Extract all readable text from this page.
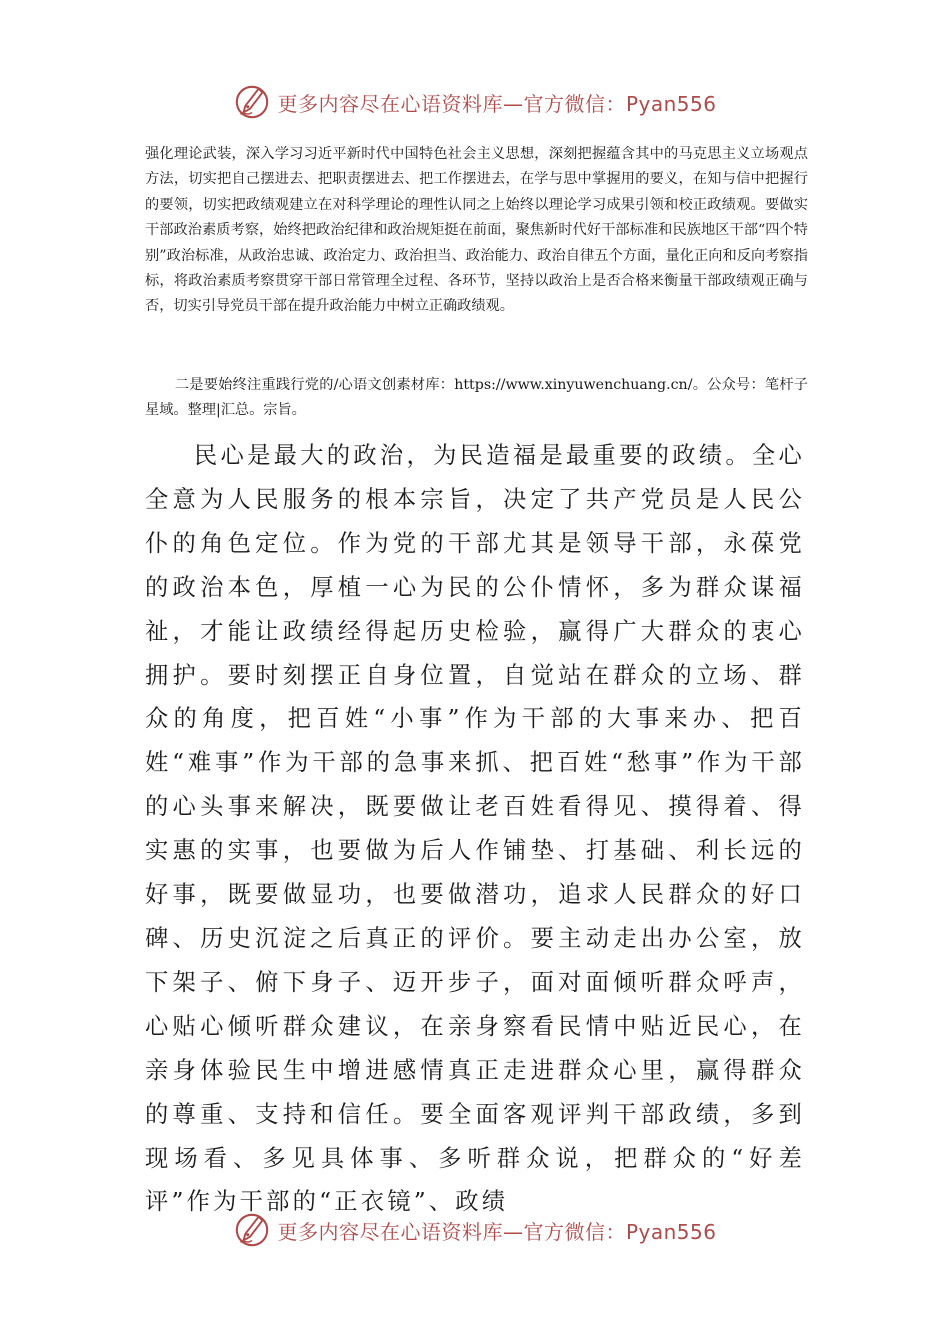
更多内容尽在心语资料库—官方微信：Pyan556

强化理论武装，深入学习习近平新时代中国特色社会主义思想，深刻把握蕴含其中的马克思主义立场观点方法，切实把自己摆进去、把职责摆进去、把工作摆进去，在学与思中掌握用的要义，在知与信中把握行的要领，切实把政绩观建立在对科学理论的理性认同之上始终以理论学习成果引领和校正政绩观。要做实干部政治素质考察，始终把政治纪律和政治规矩挺在前面，聚焦新时代好干部标准和民族地区干部“四个特别”政治标准，从政治忠诚、政治定力、政治担当、政治能力、政治自律五个方面，量化正向和反向考察指标，将政治素质考察贯穿干部日常管理全过程、各环节，坚持以政治上是否合格来衡量干部政绩观正确与否，切实引导党员干部在提升政治能力中树立正确政绩观。

二是要始终注重践行党的/心语文创素材库：https://www.xinyuwenchuang.cn/。公众号：笔杆子星域。整理|汇总。宗旨。

民心是最大的政治，为民造福是最重要的政绩。全心全意为人民服务的根本宗旨，决定了共产党员是人民公仆的角色定位。作为党的干部尤其是领导干部，永葆党的政治本色，厚植一心为民的公仆情怀，多为群众谋福祉，才能让政绩经得起历史检验，赢得广大群众的衷心拥护。要时刻摆正自身位置，自觉站在群众的立场、群众的角度，把百姓“小事”作为干部的大事来办、把百姓“难事”作为干部的急事来抓、把百姓“愁事”作为干部的心头事来解决，既要做让老百姓看得见、摸得着、得实惠的实事，也要做为后人作铺垫、打基础、利长远的好事，既要做显功，也要做潜功，追求人民群众的好口碑、历史沉淀之后真正的评价。要主动走出办公室，放下架子、俯下身子、迈开步子，面对面倾听群众呼声，心贴心倾听群众建议，在亲身察看民情中贴近民心，在亲身体验民生中增进感情真正走进群众心里，赢得群众的尊重、支持和信任。要全面客观评判干部政绩，多到现场看、多见具体事、多听群众说，把群众的“好差评”作为干部的“正衣镜”、政绩

更多内容尽在心语资料库—官方微信：Pyan556
